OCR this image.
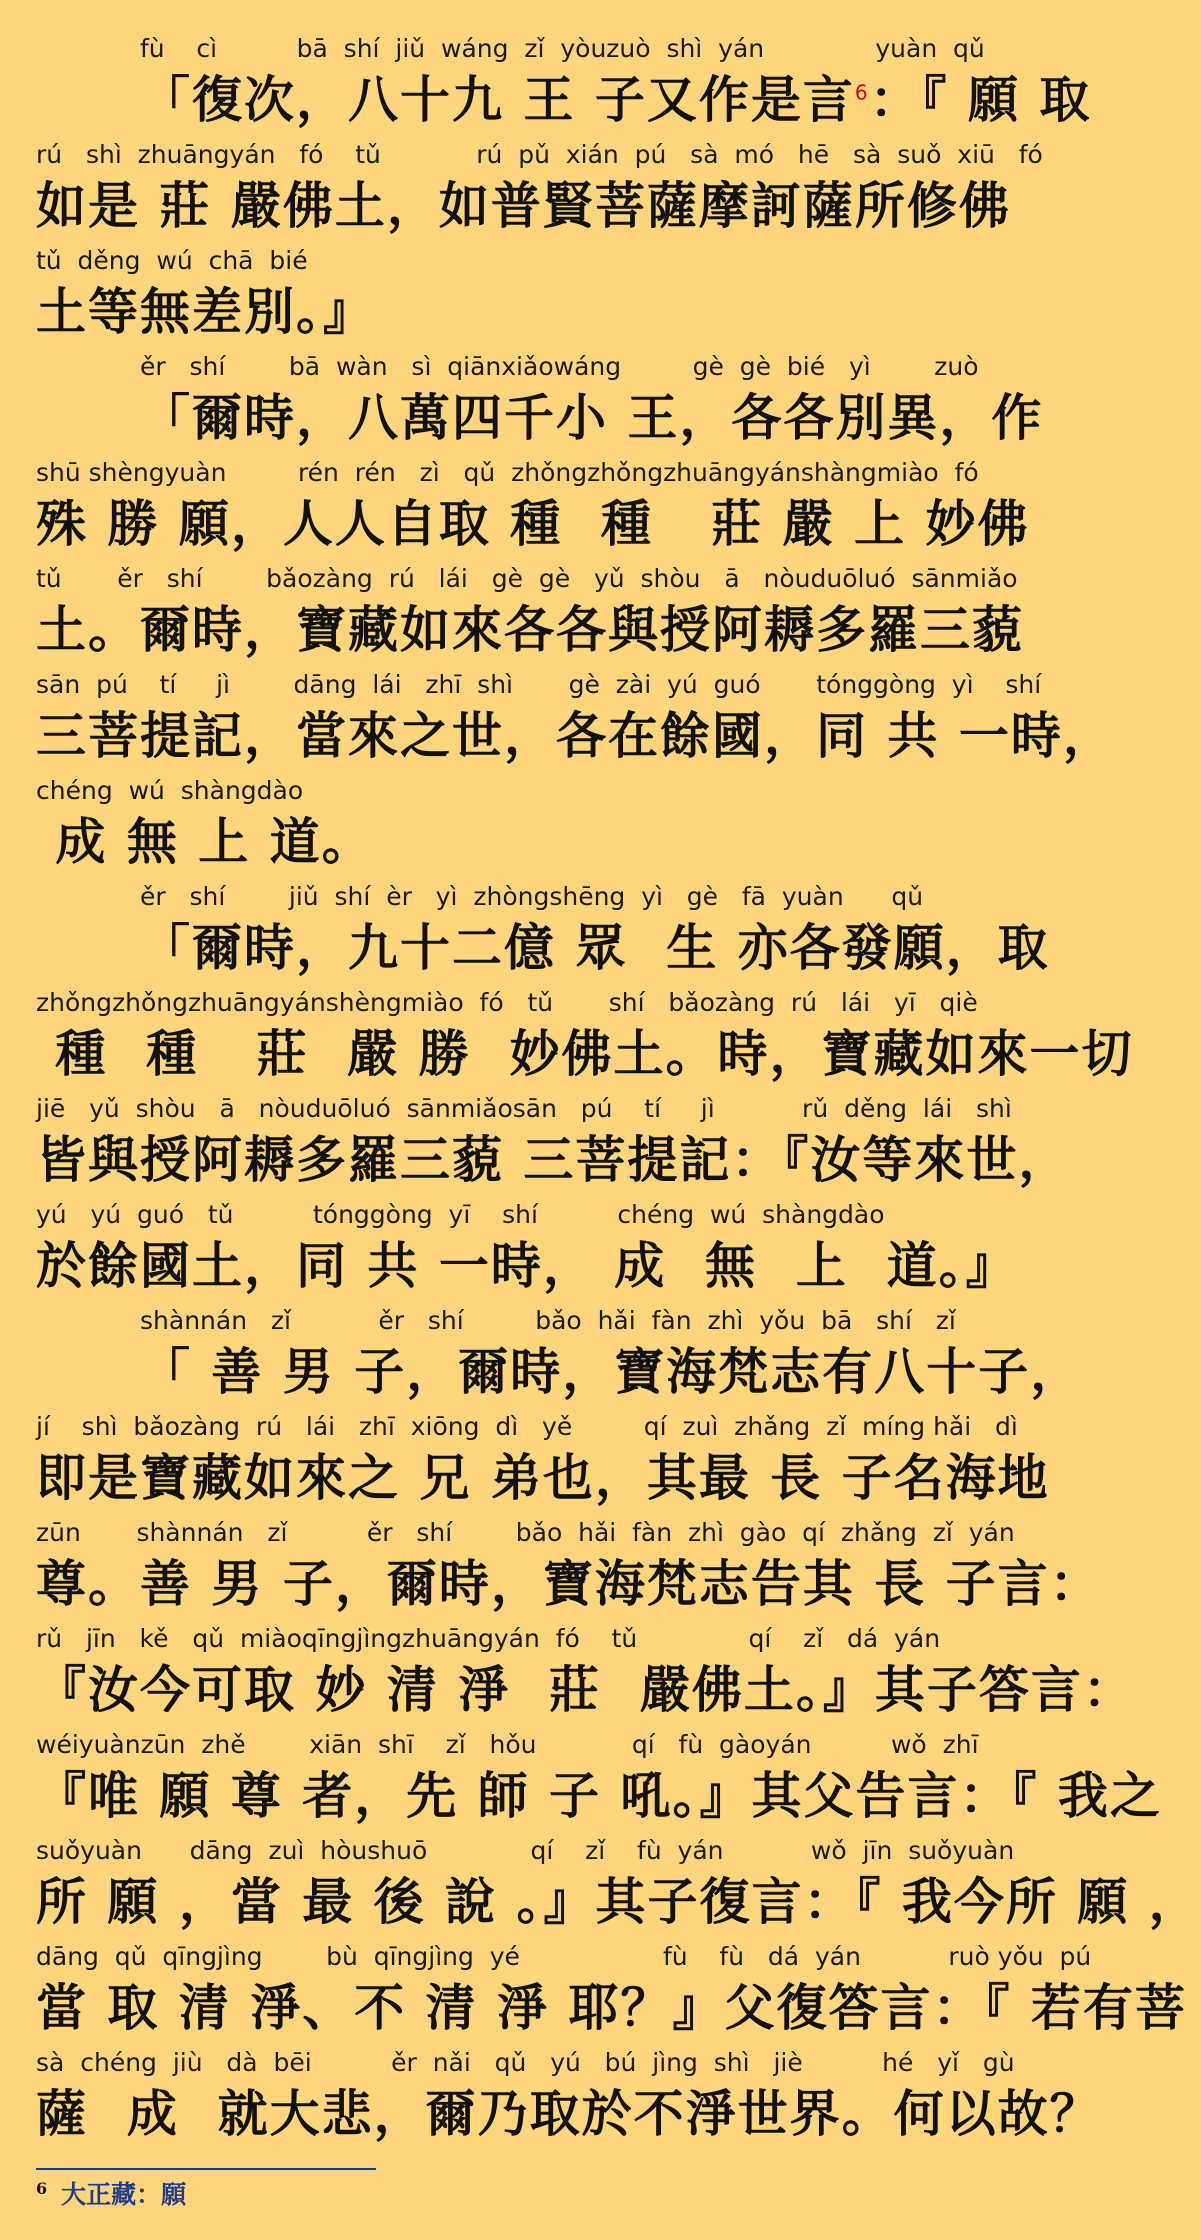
fù    cì          bā  shí  jiǔ  wáng  zǐ  yòuzuò  shì  yán              yuàn  qǔ
「復次，八十九 王 子又作是言$^6$：『 願 取
rú   shì  zhuāngyán   fó    tǔ            rú  pǔ  xián  pú   sà  mó   hē   sà  suǒ  xiū   fó
如是 莊 嚴佛土，如普賢菩薩摩訶薩所修佛
tǔ  děng  wú  chā  bié
土等無差別。』
ěr   shí        bā  wàn   sì  qiānxiǎowáng         gè  gè  bié   yì        zuò
「爾時，八萬四千小 王，各各別異，作
shū shèngyuàn         rén  rén   zì   qǔ  zhǒngzhǒngzhuāngyánshàngmiào  fó
殊 勝 願，人人自取 種  種   莊 嚴 上 妙佛
tǔ       ěr   shí        bǎozàng  rú   lái   gè  gè   yǔ  shòu   ā   nòuduōluó  sānmiǎo
土。爾時，寶藏如來各各與授阿耨多羅三藐
sān  pú    tí     jì        dāng  lái   zhī  shì       gè  zài  yú  guó       tónggòng  yì    shí
三菩提記，當來之世，各在餘國，同 共 一時，
chéng  wú  shàngdào
成 無 上 道。
ěr   shí        jiǔ  shí  èr   yì  zhòngshēng  yì   gè   fā  yuàn      qǔ
「爾時，九十二億 眾  生 亦各發願，取
zhǒngzhǒngzhuāngyánshèngmiào  fó   tǔ       shí   bǎozàng  rú   lái   yī   qiè
種  種   莊  嚴 勝  妙佛土。時，寶藏如來一切
jiē   yǔ  shòu   ā   nòuduōluó  sānmiǎosān   pú    tí     jì           rǔ  děng  lái   shì
皆與授阿耨多羅三藐 三菩提記：『汝等來世，
yú   yú  guó   tǔ          tónggòng  yī    shí          chéng  wú  shàngdào
於餘國土，同 共 一時， 成  無  上  道。』
shànnán   zǐ           ěr   shí         bǎo  hǎi  fàn  zhì  yǒu  bā   shí   zǐ
「 善 男 子，爾時，寶海梵志有八十子，
jí    shì  bǎozàng  rú   lái   zhī  xiōng  dì   yě         qí  zuì  zhǎng  zǐ  míng hǎi   dì
即是寶藏如來之 兄 弟也，其最 長 子名海地
zūn       shànnán   zǐ          ěr   shí        bǎo  hǎi  fàn  zhì  gào  qí  zhǎng  zǐ  yán
尊。善 男 子，爾時，寶海梵志告其 長 子言：
rǔ   jīn   kě   qǔ  miàoqīngjìngzhuāngyán  fó    tǔ              qí    zǐ   dá  yán
『汝今可取 妙 清 淨  莊  嚴佛土。』其子答言：
wéiyuànzūn  zhě        xiān  shī    zǐ   hǒu            qí   fù  gàoyán          wǒ  zhī
『唯 願 尊 者，先 師 子 吼。』其父告言：『 我之
suǒyuàn      dāng  zuì  hòushuō             qí    zǐ    fù  yán           wǒ  jīn  suǒyuàn
所 願 ，當 最 後 說 。』其子復言：『 我今所 願 ，
dāng  qǔ  qīngjìng        bù  qīngjìng  yé                  fù    fù   dá  yán           ruò yǒu  pú
當 取 清 淨、不 清 淨 耶？』父復答言：『 若有菩
sà  chéng  jiù   dà  bēi          ěr  nǎi   qǔ   yú   bú  jìng  shì   jiè          hé   yǐ   gù
薩  成  就大悲，爾乃取於不淨世界。何以故？
$^6$ 大正藏：願
